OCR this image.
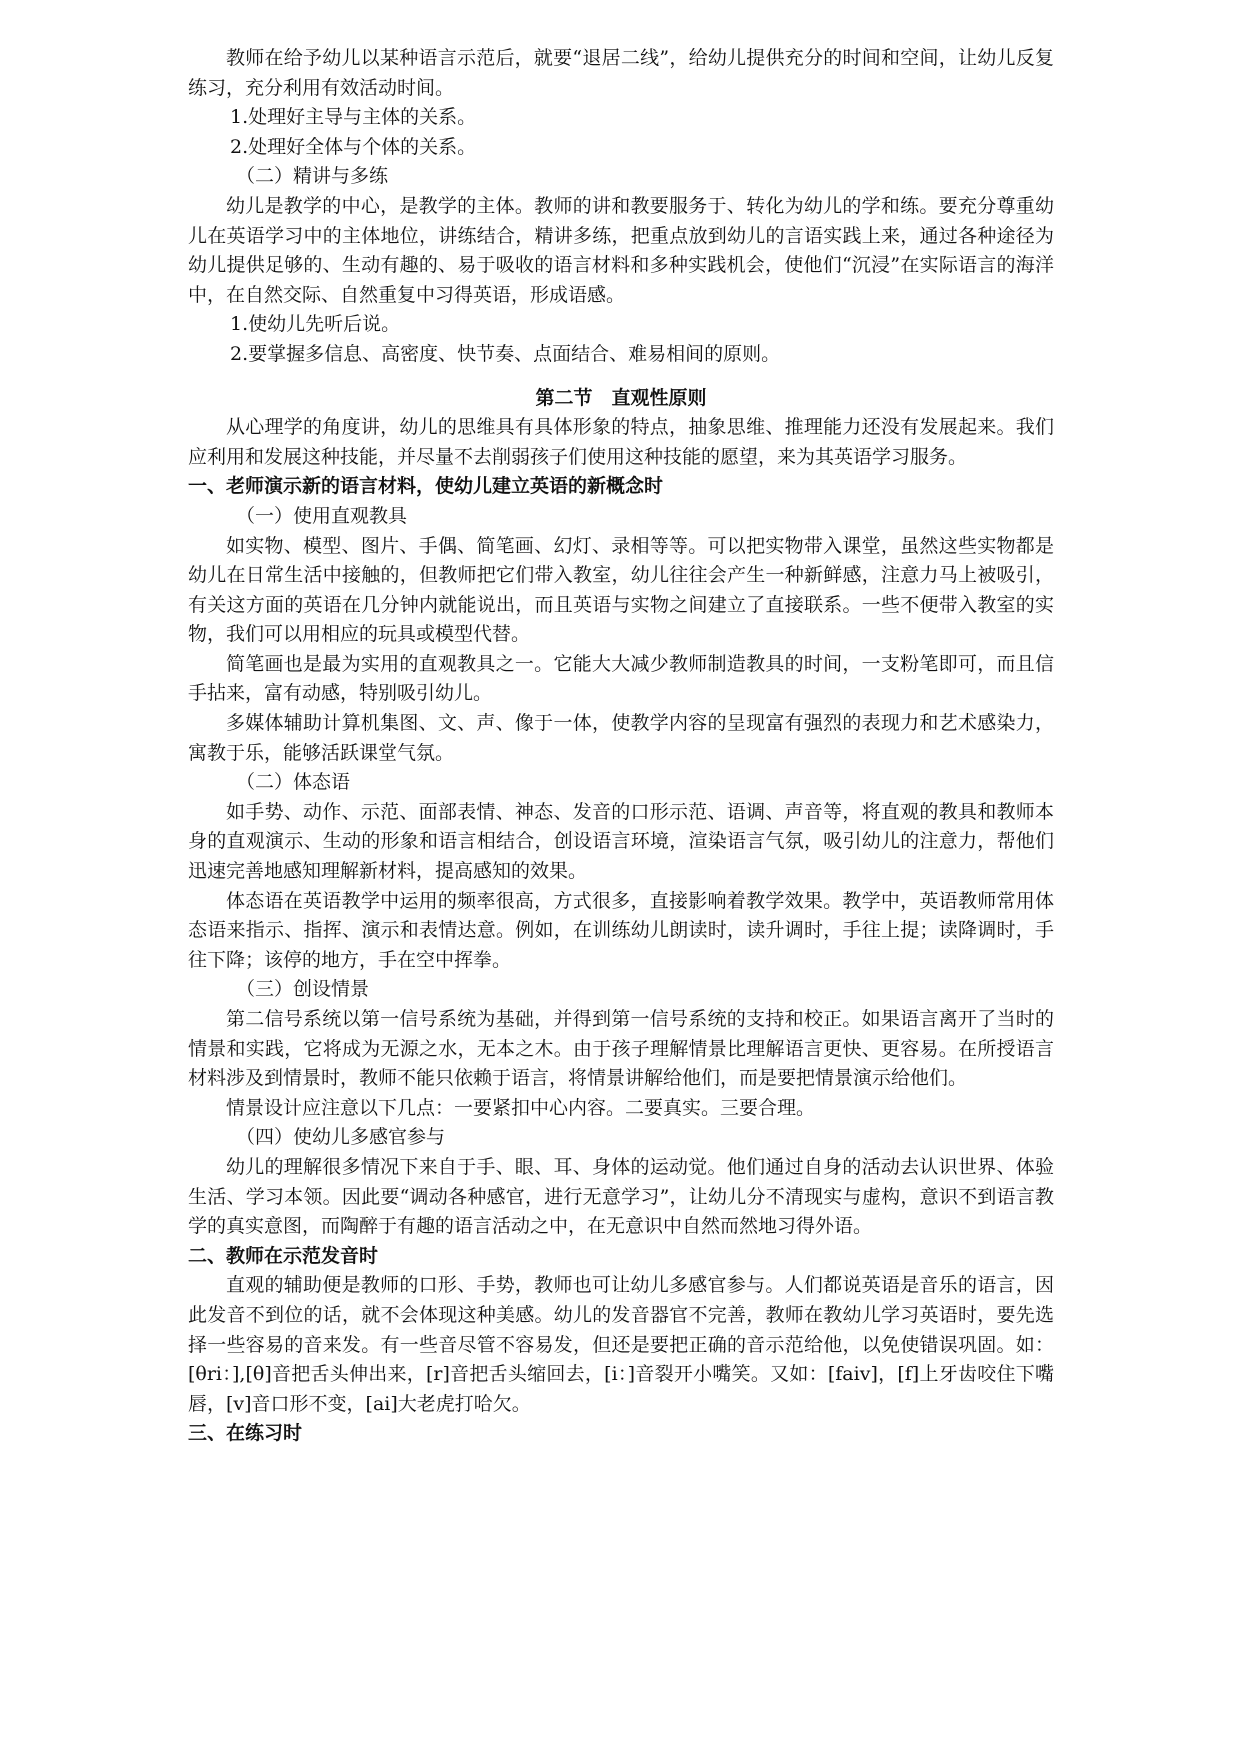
教师在给予幼儿以某种语言示范后，就要“退居二线”，给幼儿提供充分的时间和空间，让幼儿反复练习，充分利用有效活动时间。

1.处理好主导与主体的关系。

2.处理好全体与个体的关系。

（二）精讲与多练

幼儿是教学的中心，是教学的主体。教师的讲和教要服务于、转化为幼儿的学和练。要充分尊重幼儿在英语学习中的主体地位，讲练结合，精讲多练，把重点放到幼儿的言语实践上来，通过各种途径为幼儿提供足够的、生动有趣的、易于吸收的语言材料和多种实践机会，使他们“沉浸”在实际语言的海洋中，在自然交际、自然重复中习得英语，形成语感。

1.使幼儿先听后说。

2.要掌握多信息、高密度、快节奏、点面结合、难易相间的原则。

第二节　直观性原则

从心理学的角度讲，幼儿的思维具有具体形象的特点，抽象思维、推理能力还没有发展起来。我们应利用和发展这种技能，并尽量不去削弱孩子们使用这种技能的愿望，来为其英语学习服务。

一、老师演示新的语言材料，使幼儿建立英语的新概念时

（一）使用直观教具

如实物、模型、图片、手偶、简笔画、幻灯、录相等等。可以把实物带入课堂，虽然这些实物都是幼儿在日常生活中接触的，但教师把它们带入教室，幼儿往往会产生一种新鲜感，注意力马上被吸引，有关这方面的英语在几分钟内就能说出，而且英语与实物之间建立了直接联系。一些不便带入教室的实物，我们可以用相应的玩具或模型代替。

简笔画也是最为实用的直观教具之一。它能大大减少教师制造教具的时间，一支粉笔即可，而且信手拈来，富有动感，特别吸引幼儿。

多媒体辅助计算机集图、文、声、像于一体，使教学内容的呈现富有强烈的表现力和艺术感染力，寓教于乐，能够活跃课堂气氛。

（二）体态语

如手势、动作、示范、面部表情、神态、发音的口形示范、语调、声音等，将直观的教具和教师本身的直观演示、生动的形象和语言相结合，创设语言环境，渲染语言气氛，吸引幼儿的注意力，帮他们迅速完善地感知理解新材料，提高感知的效果。

体态语在英语教学中运用的频率很高，方式很多，直接影响着教学效果。教学中，英语教师常用体态语来指示、指挥、演示和表情达意。例如，在训练幼儿朗读时，读升调时，手往上提；读降调时，手往下降；该停的地方，手在空中挥拳。

（三）创设情景

第二信号系统以第一信号系统为基础，并得到第一信号系统的支持和校正。如果语言离开了当时的情景和实践，它将成为无源之水，无本之木。由于孩子理解情景比理解语言更快、更容易。在所授语言材料涉及到情景时，教师不能只依赖于语言，将情景讲解给他们，而是要把情景演示给他们。

情景设计应注意以下几点：一要紧扣中心内容。二要真实。三要合理。

（四）使幼儿多感官参与

幼儿的理解很多情况下来自于手、眼、耳、身体的运动觉。他们通过自身的活动去认识世界、体验生活、学习本领。因此要“调动各种感官，进行无意学习”，让幼儿分不清现实与虚构，意识不到语言教学的真实意图，而陶醉于有趣的语言活动之中，在无意识中自然而然地习得外语。

二、教师在示范发音时

直观的辅助便是教师的口形、手势，教师也可让幼儿多感官参与。人们都说英语是音乐的语言，因此发音不到位的话，就不会体现这种美感。幼儿的发音器官不完善，教师在教幼儿学习英语时，要先选择一些容易的音来发。有一些音尽管不容易发，但还是要把正确的音示范给他，以免使错误巩固。如：[θri：],[θ]音把舌头伸出来，[r]音把舌头缩回去，[i：]音裂开小嘴笑。又如：[faiv]，[f]上牙齿咬住下嘴唇，[v]音口形不变，[ai]大老虎打哈欠。

三、在练习时
